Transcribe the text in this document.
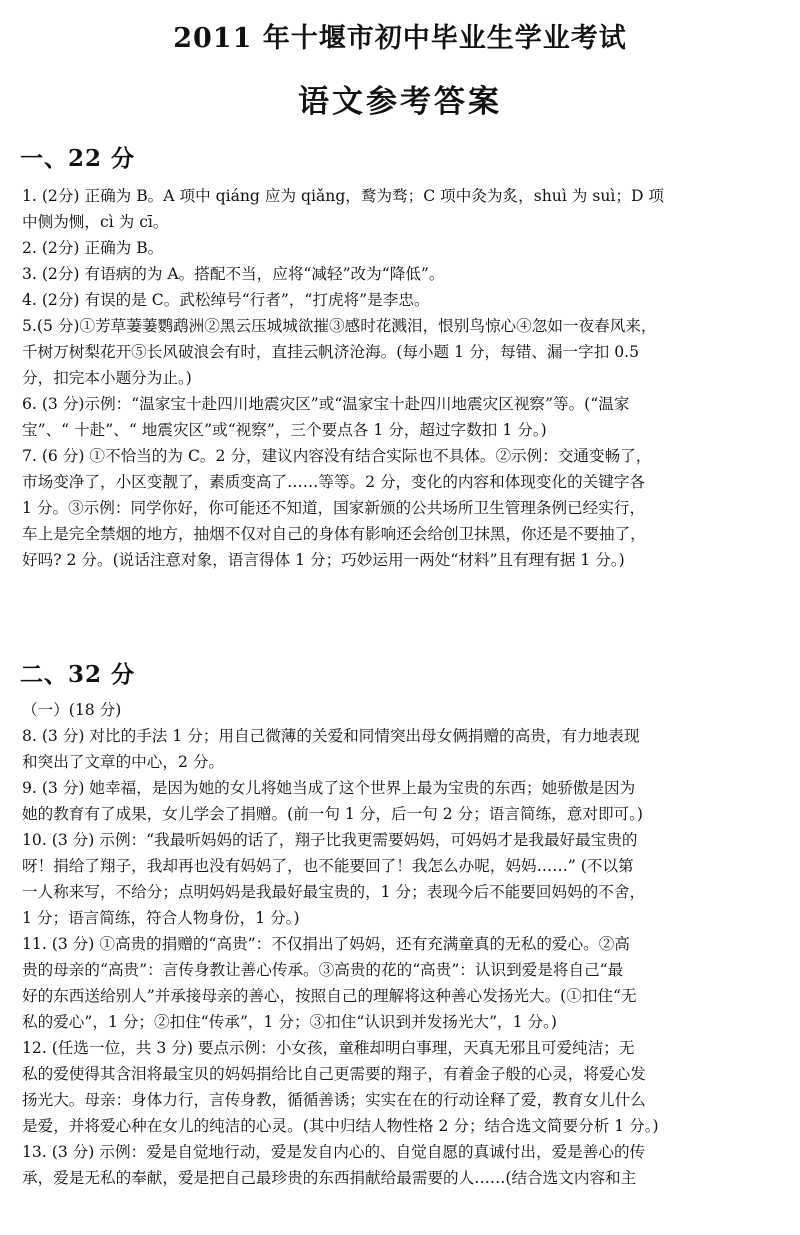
2011 年十堰市初中毕业生学业考试
语文参考答案
一、22 分

1. (2分) 正确为 B。A 项中 qiáng 应为 qiǎng，鹜为骛；C 项中灸为炙，shuì 为 suì；D 项

中侧为恻，cì 为 cī。

2. (2分) 正确为 B。

3. (2分) 有语病的为 A。搭配不当，应将“减轻”改为“降低”。

4. (2分) 有误的是 C。武松绰号“行者”，“打虎将”是李忠。

5.(5 分)①芳草萋萋鹦鹉洲②黑云压城城欲摧③感时花溅泪，恨别鸟惊心④忽如一夜春风来，

千树万树梨花开⑤长风破浪会有时，直挂云帆济沧海。(每小题 1 分，每错、漏一字扣 0.5

分，扣完本小题分为止。)

6. (3 分)示例：“温家宝十赴四川地震灾区”或“温家宝十赴四川地震灾区视察”等。(“温家

宝”、“ 十赴”、“ 地震灾区”或“视察”，三个要点各 1 分，超过字数扣 1 分。)

7. (6 分) ①不恰当的为 C。2 分，建议内容没有结合实际也不具体。②示例：交通变畅了，

市场变净了，小区变靓了，素质变高了……等等。2 分，变化的内容和体现变化的关键字各

1 分。③示例：同学你好，你可能还不知道，国家新颁的公共场所卫生管理条例已经实行，

车上是完全禁烟的地方，抽烟不仅对自己的身体有影响还会给创卫抹黑，你还是不要抽了，

好吗? 2 分。(说话注意对象，语言得体 1 分；巧妙运用一两处“材料”且有理有据 1 分。)

二、32 分

（一）(18 分)

8. (3 分) 对比的手法 1 分；用自己微薄的关爱和同情突出母女俩捐赠的高贵，有力地表现

和突出了文章的中心，2 分。

9. (3 分) 她幸福，是因为她的女儿将她当成了这个世界上最为宝贵的东西；她骄傲是因为

她的教育有了成果，女儿学会了捐赠。(前一句 1 分，后一句 2 分；语言简练，意对即可。)

10. (3 分) 示例：“我最听妈妈的话了，翔子比我更需要妈妈，可妈妈才是我最好最宝贵的

呀！捐给了翔子，我却再也没有妈妈了，也不能要回了！我怎么办呢，妈妈……” (不以第

一人称来写，不给分；点明妈妈是我最好最宝贵的，1 分；表现今后不能要回妈妈的不舍，

1 分；语言简练，符合人物身份，1 分。)

11. (3 分) ①高贵的捐赠的“高贵”：不仅捐出了妈妈，还有充满童真的无私的爱心。②高

贵的母亲的“高贵”：言传身教让善心传承。③高贵的花的“高贵”：认识到爱是将自己“最

好的东西送给别人”并承接母亲的善心，按照自己的理解将这种善心发扬光大。(①扣住“无

私的爱心”，1 分；②扣住“传承”，1 分；③扣住“认识到并发扬光大”，1 分。)

12. (任选一位，共 3 分) 要点示例：小女孩，童稚却明白事理，天真无邪且可爱纯洁；无

私的爱使得其含泪将最宝贝的妈妈捐给比自己更需要的翔子，有着金子般的心灵，将爱心发

扬光大。母亲：身体力行，言传身教，循循善诱；实实在在的行动诠释了爱，教育女儿什么

是爱，并将爱心种在女儿的纯洁的心灵。(其中归结人物性格 2 分；结合选文简要分析 1 分。)

13. (3 分) 示例：爱是自觉地行动，爱是发自内心的、自觉自愿的真诚付出，爱是善心的传

承，爱是无私的奉献，爱是把自己最珍贵的东西捐献给最需要的人……(结合选文内容和主
